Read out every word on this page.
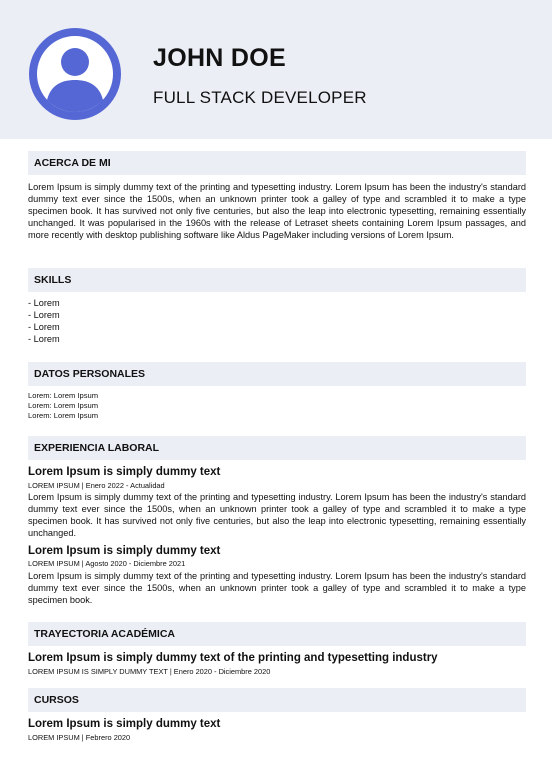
JOHN DOE
FULL STACK DEVELOPER
ACERCA DE MI
Lorem Ipsum is simply dummy text of the printing and typesetting industry. Lorem Ipsum has been the industry's standard dummy text ever since the 1500s, when an unknown printer took a galley of type and scrambled it to make a type specimen book. It has survived not only five centuries, but also the leap into electronic typesetting, remaining essentially unchanged. It was popularised in the 1960s with the release of Letraset sheets containing Lorem Ipsum passages, and more recently with desktop publishing software like Aldus PageMaker including versions of Lorem Ipsum.
SKILLS
- Lorem
- Lorem
- Lorem
- Lorem
DATOS PERSONALES
Lorem: Lorem Ipsum
Lorem: Lorem Ipsum
Lorem: Lorem Ipsum
EXPERIENCIA LABORAL
Lorem Ipsum is simply dummy text
LOREM IPSUM | Enero 2022 - Actualidad
Lorem Ipsum is simply dummy text of the printing and typesetting industry. Lorem Ipsum has been the industry's standard dummy text ever since the 1500s, when an unknown printer took a galley of type and scrambled it to make a type specimen book. It has survived not only five centuries, but also the leap into electronic typesetting, remaining essentially unchanged.
Lorem Ipsum is simply dummy text
LOREM IPSUM | Agosto 2020 - Diciembre 2021
Lorem Ipsum is simply dummy text of the printing and typesetting industry. Lorem Ipsum has been the industry's standard dummy text ever since the 1500s, when an unknown printer took a galley of type and scrambled it to make a type specimen book.
TRAYECTORIA ACADÉMICA
Lorem Ipsum is simply dummy text of the printing and typesetting industry
LOREM IPSUM IS SIMPLY DUMMY TEXT | Enero 2020 - Diciembre 2020
CURSOS
Lorem Ipsum is simply dummy text
LOREM IPSUM | Febrero 2020
